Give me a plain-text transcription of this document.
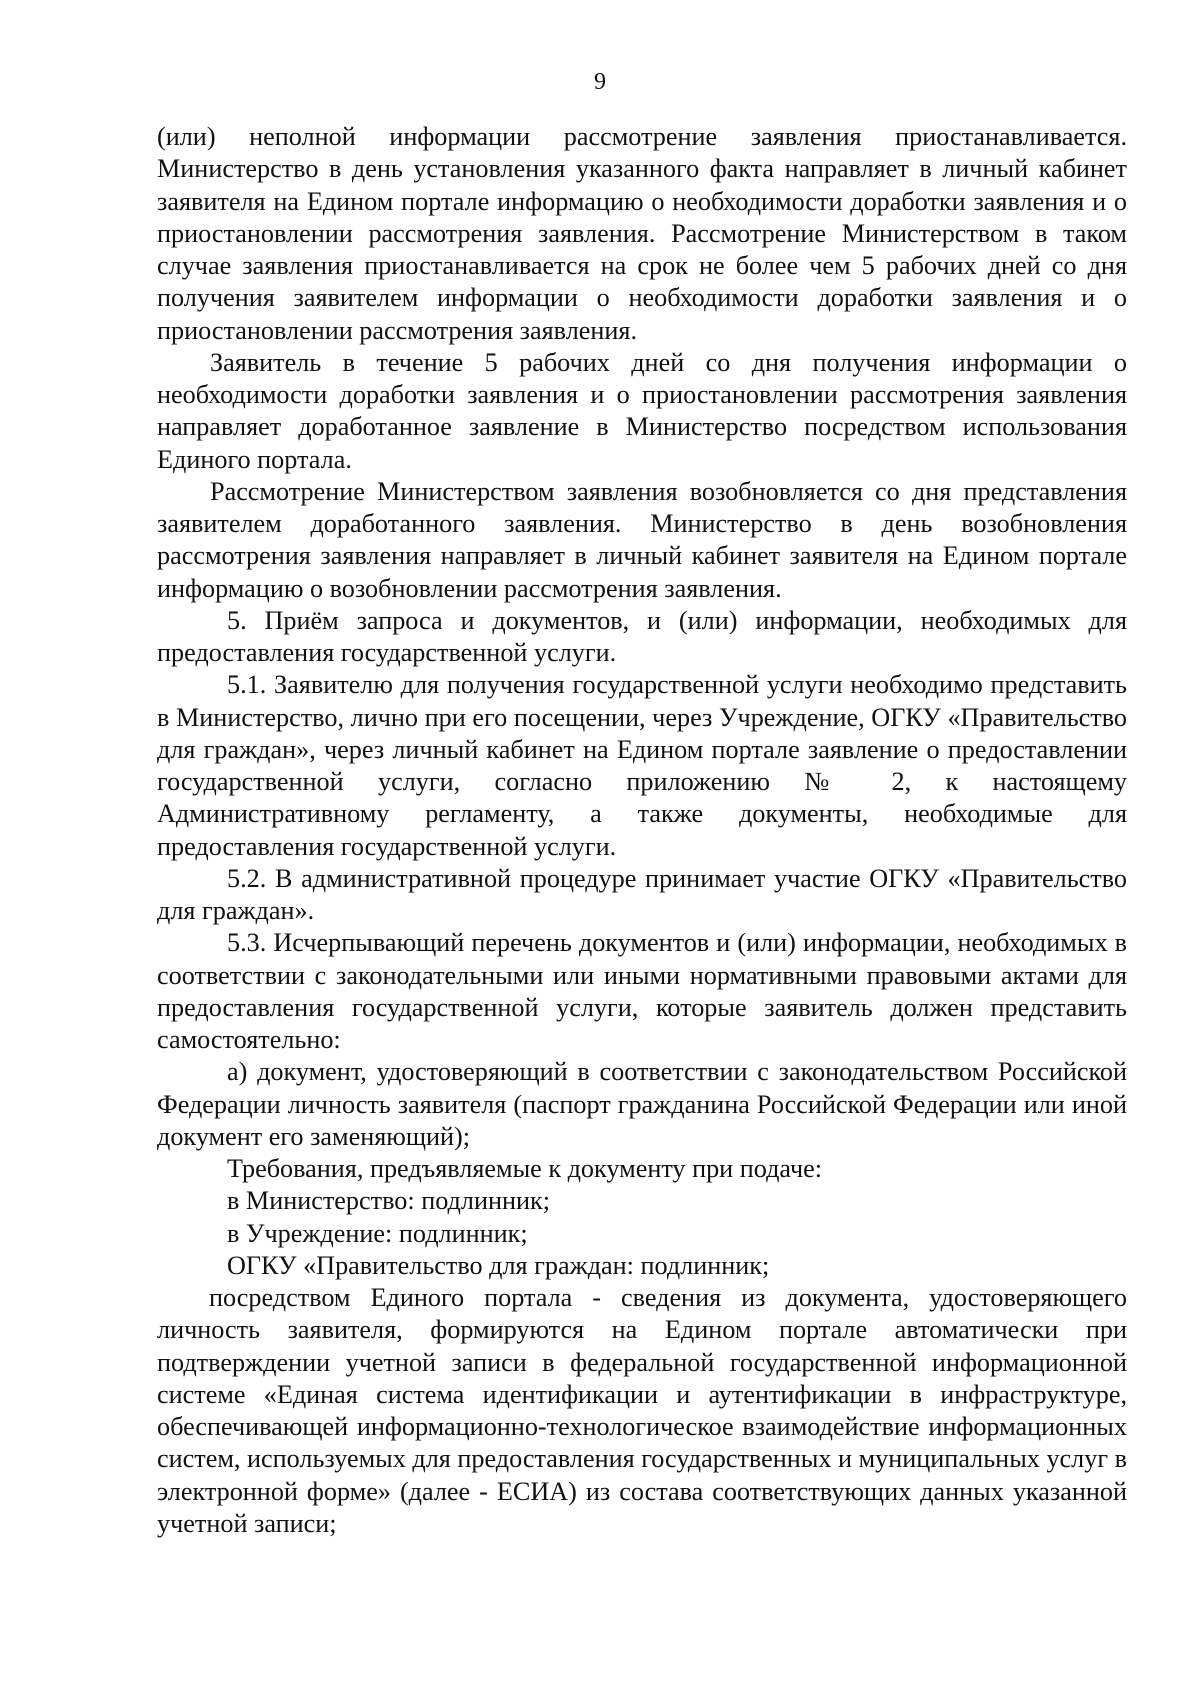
9

(или) неполной информации рассмотрение заявления приостанавливается. Министерство в день установления указанного факта направляет в личный кабинет заявителя на Едином портале информацию о необходимости доработки заявления и о приостановлении рассмотрения заявления. Рассмотрение Министерством в таком случае заявления приостанавливается на срок не более чем 5 рабочих дней со дня получения заявителем информации о необходимости доработки заявления и о приостановлении рассмотрения заявления.

Заявитель в течение 5 рабочих дней со дня получения информации о необходимости доработки заявления и о приостановлении рассмотрения заявления направляет доработанное заявление в Министерство посредством использования Единого портала.

Рассмотрение Министерством заявления возобновляется со дня представления заявителем доработанного заявления. Министерство в день возобновления рассмотрения заявления направляет в личный кабинет заявителя на Едином портале информацию о возобновлении рассмотрения заявления.

5. Приём запроса и документов, и (или) информации, необходимых для предоставления государственной услуги.

5.1. Заявителю для получения государственной услуги необходимо представить в Министерство, лично при его посещении, через Учреждение, ОГКУ «Правительство для граждан», через личный кабинет на Едином портале заявление о предоставлении государственной услуги, согласно приложению № 2, к настоящему Административному регламенту, а также документы, необходимые для предоставления государственной услуги.

5.2. В административной процедуре принимает участие ОГКУ «Правительство для граждан».

5.3. Исчерпывающий перечень документов и (или) информации, необходимых в соответствии с законодательными или иными нормативными правовыми актами для предоставления государственной услуги, которые заявитель должен представить самостоятельно:

а) документ, удостоверяющий в соответствии с законодательством Российской Федерации личность заявителя (паспорт гражданина Российской Федерации или иной документ его заменяющий);

Требования, предъявляемые к документу при подаче:

в Министерство: подлинник;

в Учреждение: подлинник;

ОГКУ «Правительство для граждан: подлинник;

посредством Единого портала - сведения из документа, удостоверяющего личность заявителя, формируются на Едином портале автоматически при подтверждении учетной записи в федеральной государственной информационной системе «Единая система идентификации и аутентификации в инфраструктуре, обеспечивающей информационно-технологическое взаимодействие информационных систем, используемых для предоставления государственных и муниципальных услуг в электронной форме» (далее - ЕСИА) из состава соответствующих данных указанной учетной записи;
